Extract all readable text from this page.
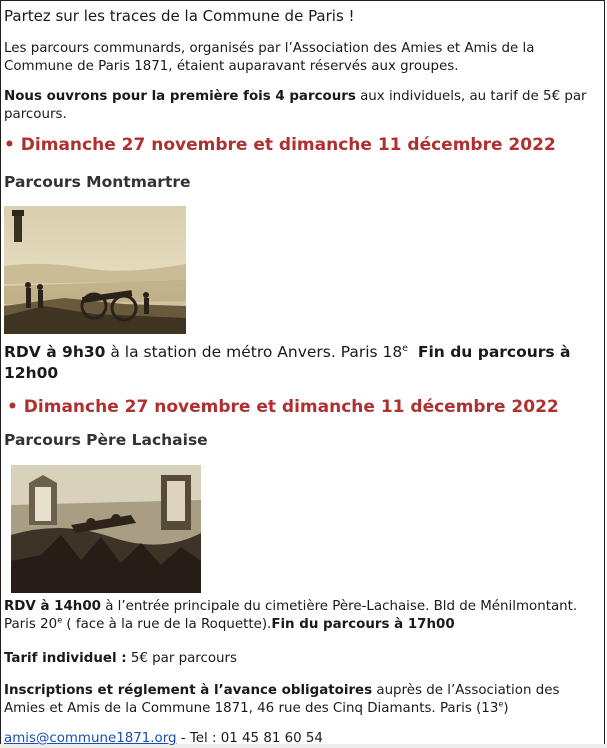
Partez sur les traces de la Commune de Paris !

Les parcours communards, organisés par l’Association des Amies et Amis de la Commune de Paris 1871, étaient auparavant réservés aux groupes.

Nous ouvrons pour la première fois 4 parcours aux individuels, au tarif de 5€ par parcours.

• Dimanche 27 novembre et dimanche 11 décembre 2022
Parcours Montmartre
RDV à 9h30 à la station de métro Anvers. Paris 18e Fin du parcours à 12h00
• Dimanche 27 novembre et dimanche 11 décembre 2022
Parcours Père Lachaise

RDV à 14h00 à l’entrée principale du cimetière Père-Lachaise. Bld de Ménilmontant. Paris 20e ( face à la rue de la Roquette).Fin du parcours à 17h00

Tarif individuel : 5€ par parcours

Inscriptions et réglement à l’avance obligatoires auprès de l’Association des Amies et Amis de la Commune 1871, 46 rue des Cinq Diamants. Paris (13e)

amis@commune1871.org - Tel : 01 45 81 60 54
